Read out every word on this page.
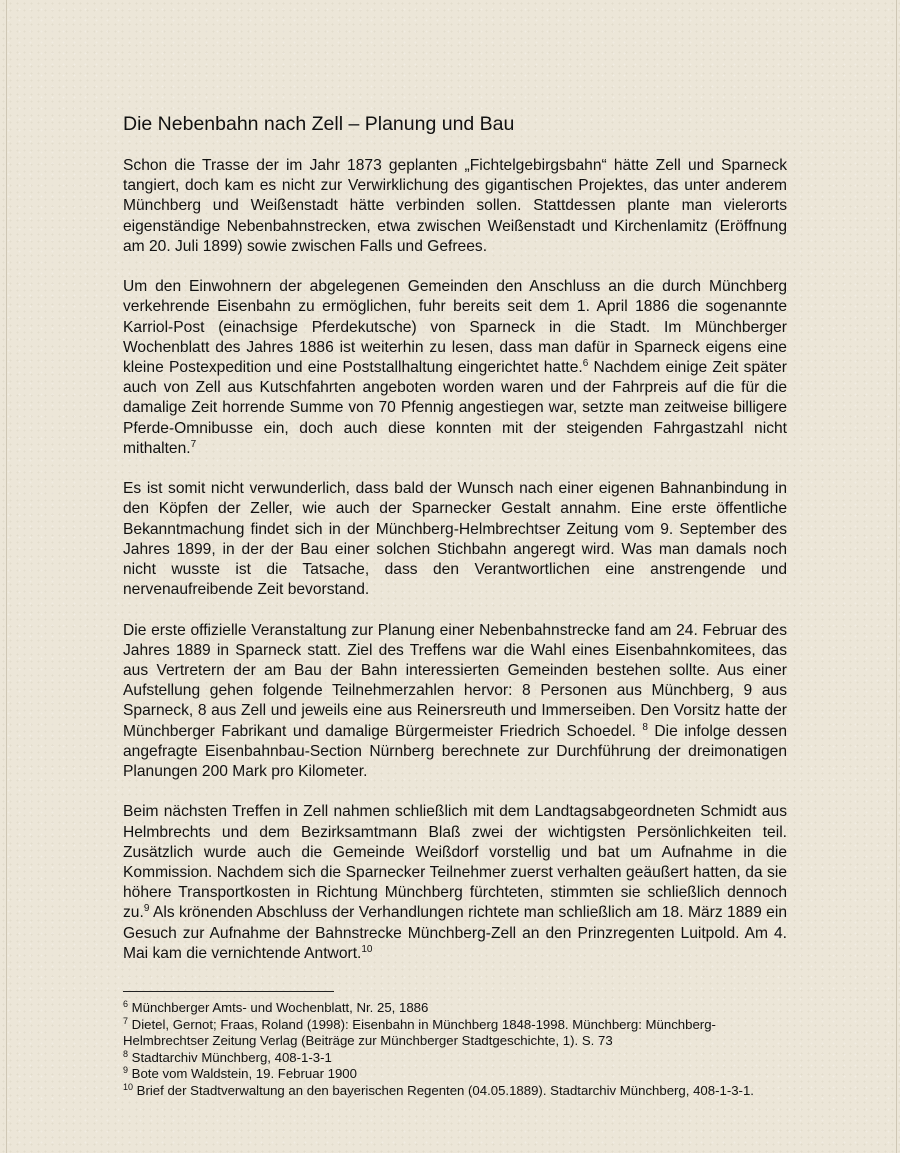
Die Nebenbahn nach Zell – Planung und Bau

Schon die Trasse der im Jahr 1873 geplanten „Fichtelgebirgsbahn“ hätte Zell und Sparneck tangiert, doch kam es nicht zur Verwirklichung des gigantischen Projektes, das unter anderem Münchberg und Weißenstadt hätte verbinden sollen. Stattdessen plante man vielerorts eigenständige Nebenbahnstrecken, etwa zwischen Weißenstadt und Kirchenlamitz (Eröffnung am 20. Juli 1899) sowie zwischen Falls und Gefrees.

Um den Einwohnern der abgelegenen Gemeinden den Anschluss an die durch Münchberg verkehrende Eisenbahn zu ermöglichen, fuhr bereits seit dem 1. April 1886 die sogenannte Karriol-Post (einachsige Pferdekutsche) von Sparneck in die Stadt. Im Münchberger Wochenblatt des Jahres 1886 ist weiterhin zu lesen, dass man dafür in Sparneck eigens eine kleine Postexpedition und eine Poststallhaltung eingerichtet hatte.$^6$ Nachdem einige Zeit später auch von Zell aus Kutschfahrten angeboten worden waren und der Fahrpreis auf die für die damalige Zeit horrende Summe von 70 Pfennig angestiegen war, setzte man zeitweise billigere Pferde-Omnibusse ein, doch auch diese konnten mit der steigenden Fahrgastzahl nicht mithalten.$^7$

Es ist somit nicht verwunderlich, dass bald der Wunsch nach einer eigenen Bahnanbindung in den Köpfen der Zeller, wie auch der Sparnecker Gestalt annahm. Eine erste öffentliche Bekanntmachung findet sich in der Münchberg-Helmbrechtser Zeitung vom 9. September des Jahres 1899, in der der Bau einer solchen Stichbahn angeregt wird. Was man damals noch nicht wusste ist die Tatsache, dass den Verantwortlichen eine anstrengende und nervenaufreibende Zeit bevorstand.

Die erste offizielle Veranstaltung zur Planung einer Nebenbahnstrecke fand am 24. Februar des Jahres 1889 in Sparneck statt. Ziel des Treffens war die Wahl eines Eisenbahnkomitees, das aus Vertretern der am Bau der Bahn interessierten Gemeinden bestehen sollte. Aus einer Aufstellung gehen folgende Teilnehmerzahlen hervor: 8 Personen aus Münchberg, 9 aus Sparneck, 8 aus Zell und jeweils eine aus Reinersreuth und Immerseiben. Den Vorsitz hatte der Münchberger Fabrikant und damalige Bürgermeister Friedrich Schoedel. $^8$ Die infolge dessen angefragte Eisenbahnbau-Section Nürnberg berechnete zur Durchführung der dreimonatigen Planungen 200 Mark pro Kilometer.

Beim nächsten Treffen in Zell nahmen schließlich mit dem Landtagsabgeordneten Schmidt aus Helmbrechts und dem Bezirksamtmann Blaß zwei der wichtigsten Persönlichkeiten teil. Zusätzlich wurde auch die Gemeinde Weißdorf vorstellig und bat um Aufnahme in die Kommission. Nachdem sich die Sparnecker Teilnehmer zuerst verhalten geäußert hatten, da sie höhere Transportkosten in Richtung Münchberg fürchteten, stimmten sie schließlich dennoch zu.$^9$ Als krönenden Abschluss der Verhandlungen richtete man schließlich am 18. März 1889 ein Gesuch zur Aufnahme der Bahnstrecke Münchberg-Zell an den Prinzregenten Luitpold. Am 4. Mai kam die vernichtende Antwort.$^{10}$

$^6$ Münchberger Amts- und Wochenblatt, Nr. 25, 1886

$^7$ Dietel, Gernot; Fraas, Roland (1998): Eisenbahn in Münchberg 1848-1998. Münchberg: Münchberg-Helmbrechtser Zeitung Verlag (Beiträge zur Münchberger Stadtgeschichte, 1). S. 73

$^8$ Stadtarchiv Münchberg, 408-1-3-1

$^9$ Bote vom Waldstein, 19. Februar 1900

$^{10}$ Brief der Stadtverwaltung an den bayerischen Regenten (04.05.1889). Stadtarchiv Münchberg, 408-1-3-1.
